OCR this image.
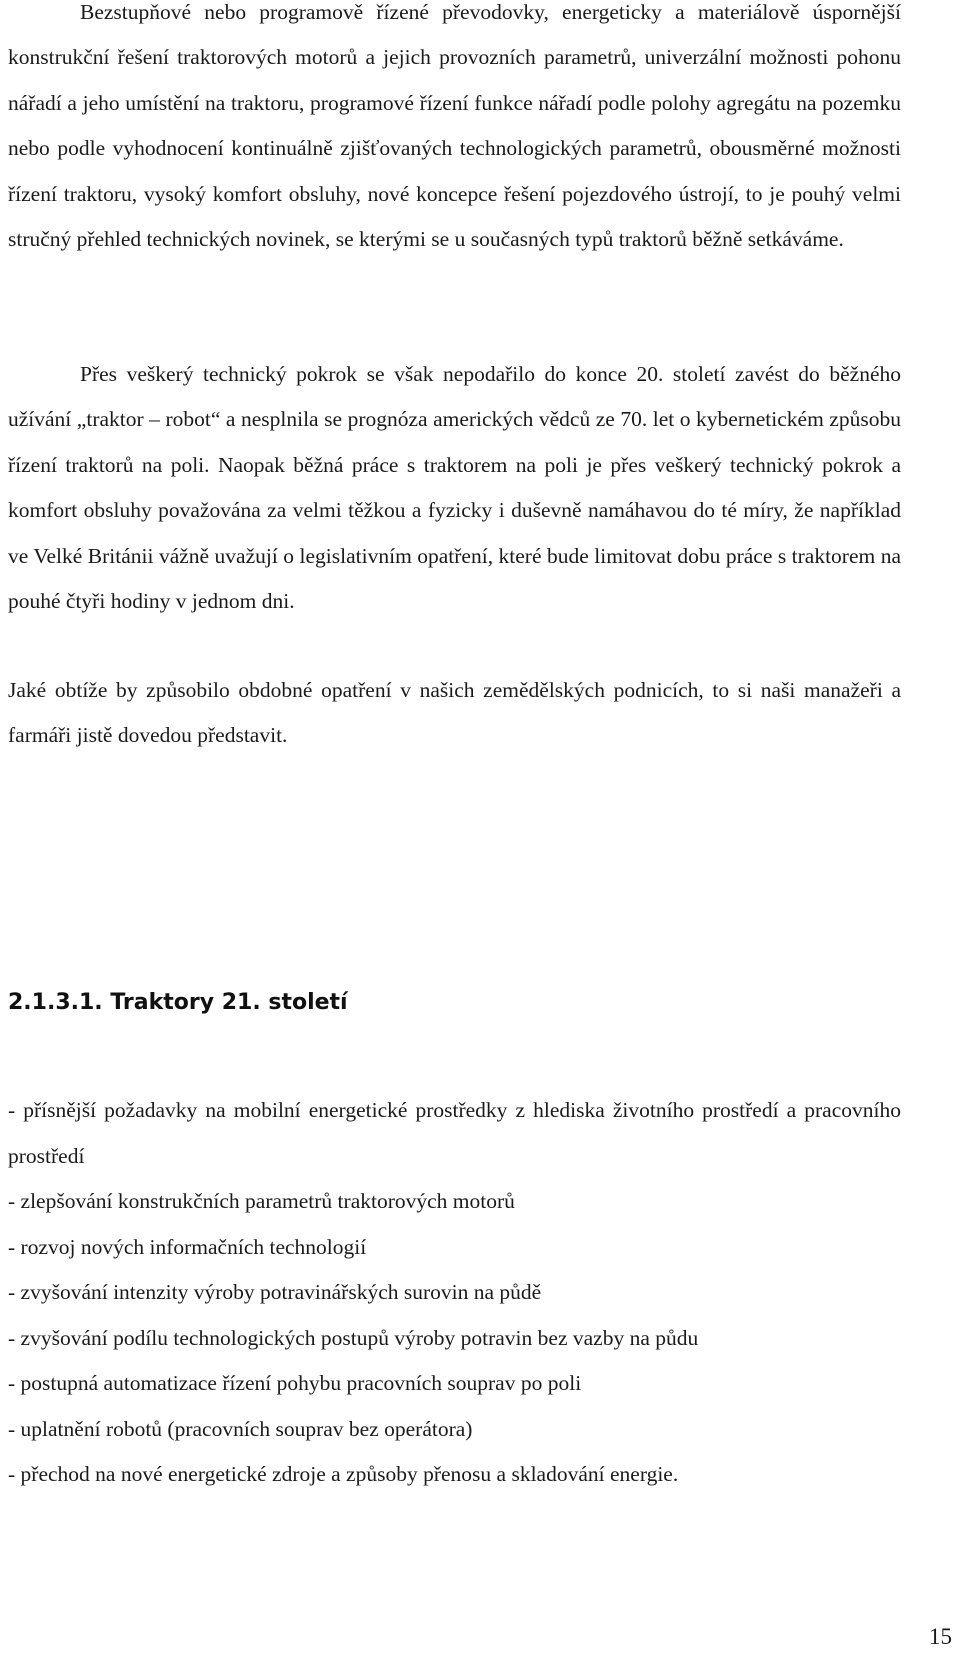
Bezstupňové nebo programově řízené převodovky, energeticky a materiálově úspornější konstrukční řešení traktorových motorů a jejich provozních parametrů, univerzální možnosti pohonu nářadí a jeho umístění na traktoru, programové řízení funkce nářadí podle polohy agregátu na pozemku nebo podle vyhodnocení kontinuálně zjišťovaných technologických parametrů, obousměrné možnosti řízení traktoru, vysoký komfort obsluhy, nové koncepce řešení pojezdového ústrojí, to je pouhý velmi stručný přehled technických novinek, se kterými se u současných typů traktorů běžně setkáváme.

Přes veškerý technický pokrok se však nepodařilo do konce 20. století zavést do běžného užívání „traktor – robot“ a nesplnila se prognóza amerických vědců ze 70. let o kybernetickém způsobu řízení traktorů na poli. Naopak běžná práce s traktorem na poli je přes veškerý technický pokrok a komfort obsluhy považována za velmi těžkou a fyzicky i duševně namáhavou do té míry, že například ve Velké Británii vážně uvažují o legislativním opatření, které bude limitovat dobu práce s traktorem na pouhé čtyři hodiny v jednom dni.

Jaké obtíže by způsobilo obdobné opatření v našich zemědělských podnicích, to si naši manažeři a farmáři jistě dovedou představit.

2.1.3.1. Traktory 21. století
- přísnější požadavky na mobilní energetické prostředky z hlediska životního prostředí a pracovního prostředí
- zlepšování konstrukčních parametrů traktorových motorů
- rozvoj nových informačních technologií
- zvyšování intenzity výroby potravinářských surovin na půdě
- zvyšování podílu technologických postupů výroby potravin bez vazby na půdu
- postupná automatizace řízení pohybu pracovních souprav po poli
- uplatnění robotů (pracovních souprav bez operátora)
- přechod na nové energetické zdroje a způsoby přenosu a skladování energie.
15
